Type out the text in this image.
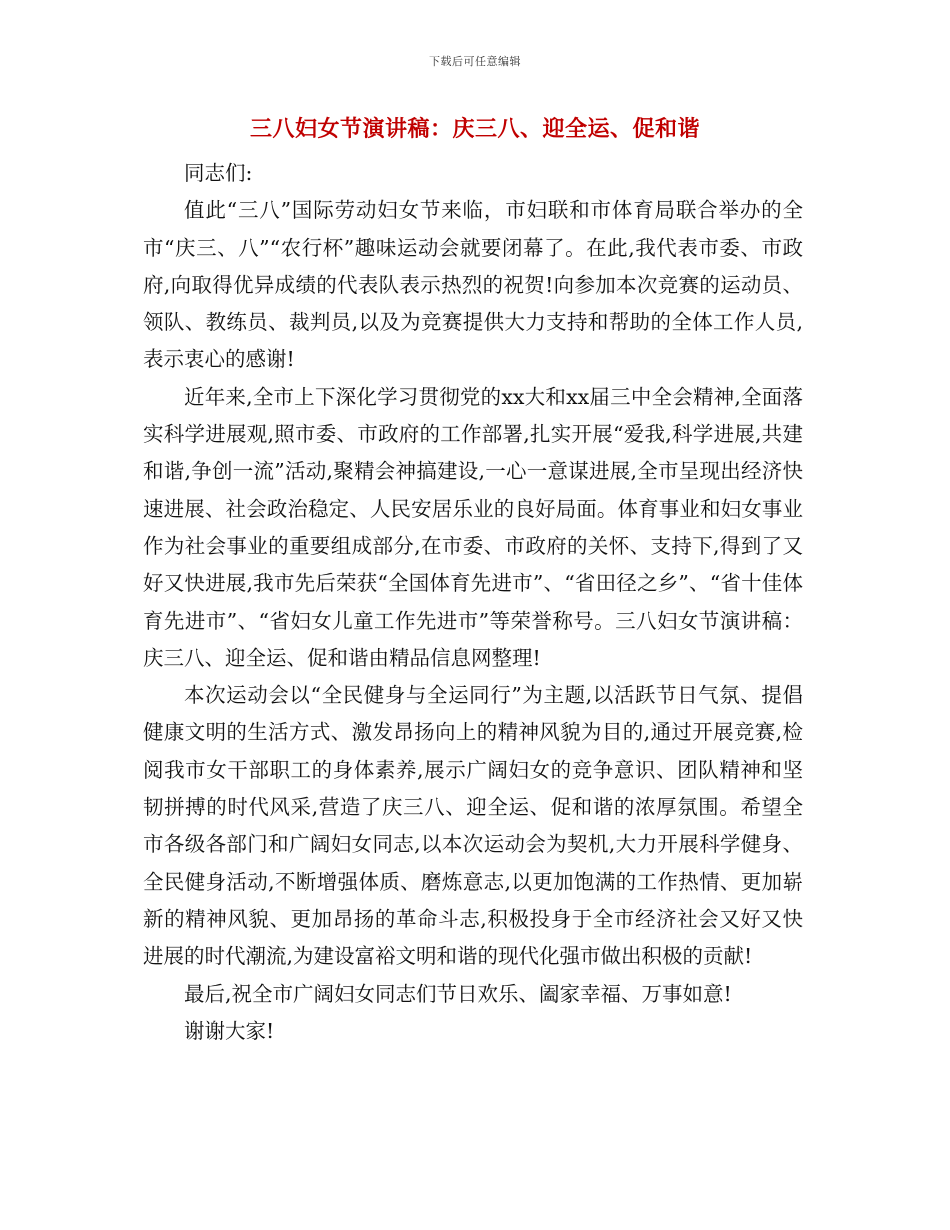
下载后可任意编辑
三八妇女节演讲稿：庆三八、迎全运、促和谐

同志们:

值此“三八”国际劳动妇女节来临，市妇联和市体育局联合举办的全市“庆三、八”“农行杯”趣味运动会就要闭幕了。在此,我代表市委、市政府,向取得优异成绩的代表队表示热烈的祝贺!向参加本次竞赛的运动员、领队、教练员、裁判员,以及为竞赛提供大力支持和帮助的全体工作人员,表示衷心的感谢!

近年来,全市上下深化学习贯彻党的xx大和xx届三中全会精神,全面落实科学进展观,照市委、市政府的工作部署,扎实开展“爱我,科学进展,共建和谐,争创一流”活动,聚精会神搞建设,一心一意谋进展,全市呈现出经济快速进展、社会政治稳定、人民安居乐业的良好局面。体育事业和妇女事业作为社会事业的重要组成部分,在市委、市政府的关怀、支持下,得到了又好又快进展,我市先后荣获“全国体育先进市”、“省田径之乡”、“省十佳体育先进市”、“省妇女儿童工作先进市”等荣誉称号。三八妇女节演讲稿：庆三八、迎全运、促和谐由精品信息网整理!

本次运动会以“全民健身与全运同行”为主题,以活跃节日气氛、提倡健康文明的生活方式、激发昂扬向上的精神风貌为目的,通过开展竞赛,检阅我市女干部职工的身体素养,展示广阔妇女的竞争意识、团队精神和坚韧拼搏的时代风采,营造了庆三八、迎全运、促和谐的浓厚氛围。希望全市各级各部门和广阔妇女同志,以本次运动会为契机,大力开展科学健身、全民健身活动,不断增强体质、磨炼意志,以更加饱满的工作热情、更加崭新的精神风貌、更加昂扬的革命斗志,积极投身于全市经济社会又好又快进展的时代潮流,为建设富裕文明和谐的现代化强市做出积极的贡献!

最后,祝全市广阔妇女同志们节日欢乐、阖家幸福、万事如意!

谢谢大家!
